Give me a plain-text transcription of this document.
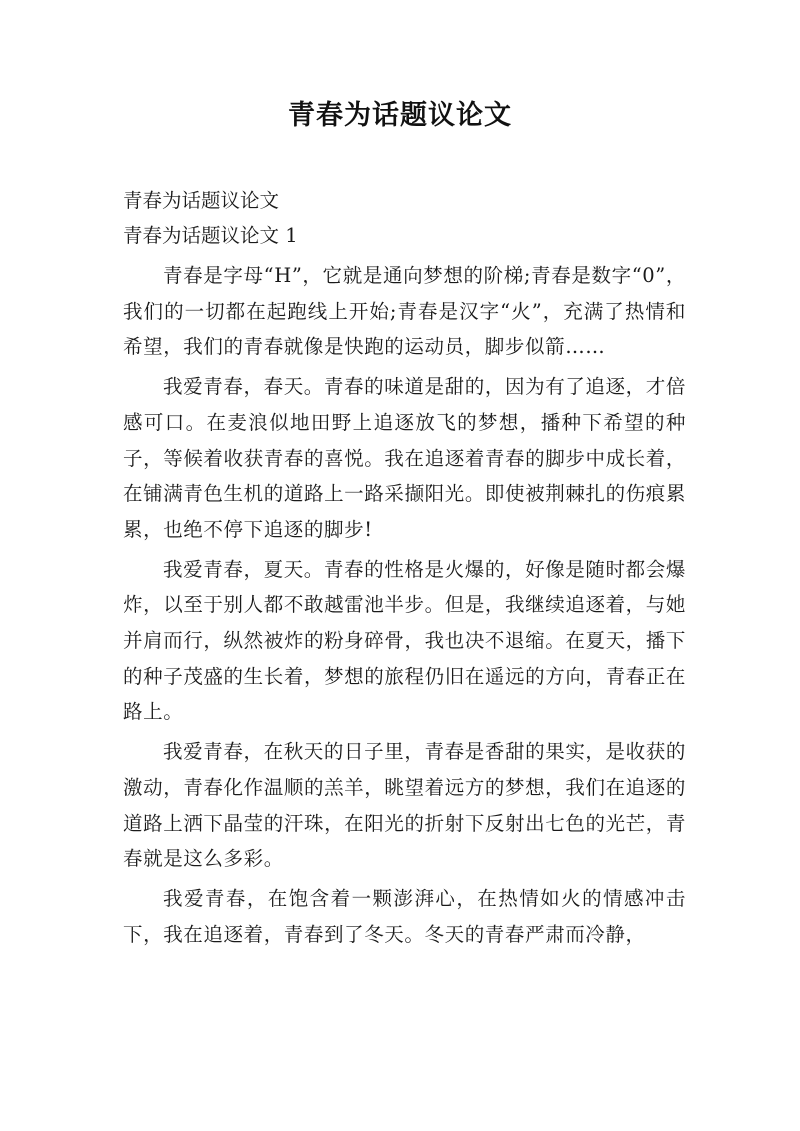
青春为话题议论文
青春为话题议论文
青春为话题议论文 1

青春是字母“H”，它就是通向梦想的阶梯;青春是数字“0”，我们的一切都在起跑线上开始;青春是汉字“火”，充满了热情和希望，我们的青春就像是快跑的运动员，脚步似箭……

我爱青春，春天。青春的味道是甜的，因为有了追逐，才倍感可口。在麦浪似地田野上追逐放飞的梦想，播种下希望的种子，等候着收获青春的喜悦。我在追逐着青春的脚步中成长着，在铺满青色生机的道路上一路采撷阳光。即使被荆棘扎的伤痕累累，也绝不停下追逐的脚步!

我爱青春，夏天。青春的性格是火爆的，好像是随时都会爆炸，以至于别人都不敢越雷池半步。但是，我继续追逐着，与她并肩而行，纵然被炸的粉身碎骨，我也决不退缩。在夏天，播下的种子茂盛的生长着，梦想的旅程仍旧在遥远的方向，青春正在路上。

我爱青春，在秋天的日子里，青春是香甜的果实，是收获的激动，青春化作温顺的羔羊，眺望着远方的梦想，我们在追逐的道路上洒下晶莹的汗珠，在阳光的折射下反射出七色的光芒，青春就是这么多彩。

我爱青春，在饱含着一颗澎湃心，在热情如火的情感冲击下，我在追逐着，青春到了冬天。冬天的青春严肃而冷静，
